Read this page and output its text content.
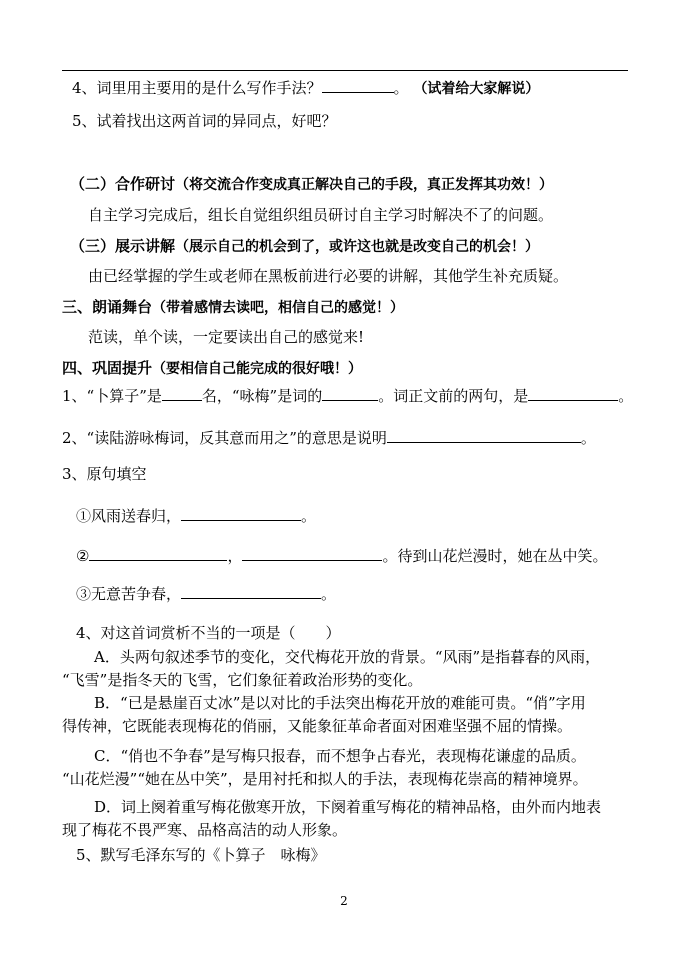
4、词里用主要用的是什么写作手法？	。 （试着给大家解说）
5、试着找出这两首词的异同点，好吧？
（二）合作研讨（将交流合作变成真正解决自己的手段，真正发挥其功效！）
自主学习完成后，组长自觉组织组员研讨自主学习时解决不了的问题。
（三）展示讲解（展示自己的机会到了，或许这也就是改变自己的机会！）
由已经掌握的学生或老师在黑板前进行必要的讲解，其他学生补充质疑。
三、朗诵舞台（带着感情去读吧，相信自己的感觉！）
范读，单个读，一定要读出自己的感觉来!
四、巩固提升（要相信自己能完成的很好哦！）
1、“卜算子”是	名，“咏梅”是词的	。词正文前的两句，是	。
2、“读陆游咏梅词，反其意而用之”的意思是说明	。
3、原句填空
①风雨送春归，	。
②	，	。待到山花烂漫时，她在丛中笑。
③无意苦争春，	。
4、对这首词赏析不当的一项是（　　）
A．头两句叙述季节的变化，交代梅花开放的背景。“风雨”是指暮春的风雨，
“飞雪”是指冬天的飞雪，它们象征着政治形势的变化。
B．“已是悬崖百丈冰”是以对比的手法突出梅花开放的难能可贵。“俏”字用
得传神，它既能表现梅花的俏丽，又能象征革命者面对困难坚强不屈的情操。
C．“俏也不争春”是写梅只报春，而不想争占春光，表现梅花谦虚的品质。
“山花烂漫”“她在丛中笑”，是用衬托和拟人的手法，表现梅花崇高的精神境界。
D．词上阕着重写梅花傲寒开放，下阕着重写梅花的精神品格，由外而内地表
现了梅花不畏严寒、品格高洁的动人形象。
5、默写毛泽东写的《卜算子　咏梅》
2
